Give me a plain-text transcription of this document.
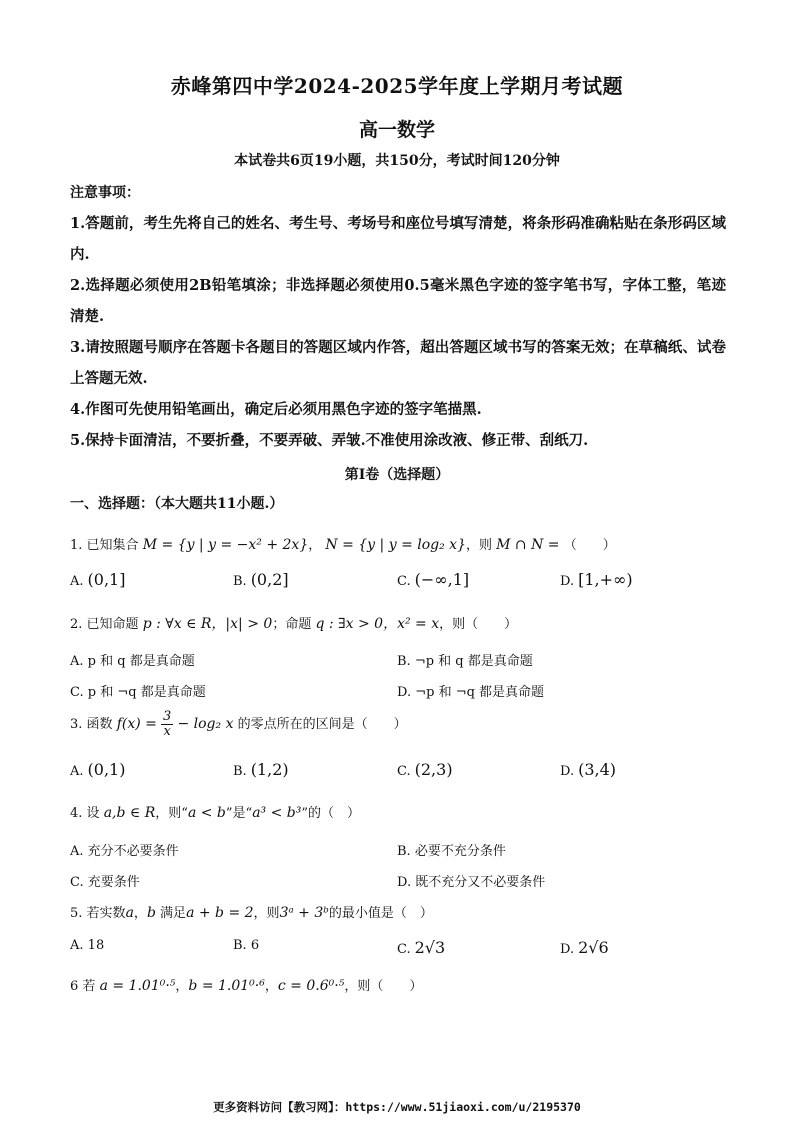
赤峰第四中学2024-2025学年度上学期月考试题
高一数学
本试卷共6页19小题，共150分，考试时间120分钟
注意事项：
1.答题前，考生先将自己的姓名、考生号、考场号和座位号填写清楚，将条形码准确粘贴在条形码区域内.
2.选择题必须使用2B铅笔填涂；非选择题必须使用0.5毫米黑色字迹的签字笔书写，字体工整，笔迹清楚.
3.请按照题号顺序在答题卡各题目的答题区域内作答，超出答题区域书写的答案无效；在草稿纸、试卷上答题无效.
4.作图可先使用铅笔画出，确定后必须用黑色字迹的签字笔描黑.
5.保持卡面清洁，不要折叠，不要弄破、弄皱.不准使用涂改液、修正带、刮纸刀.
第Ⅰ卷（选择题）
一、选择题：（本大题共11小题.）
1. 已知集合 M = {y | y = −x² + 2x}， N = {y | y = log₂ x}，则 M ∩ N = （　　）
A. (0,1]	B. (0,2]	C. (−∞,1]	D. [1,+∞)
2. 已知命题 p : ∀x ∈ R，|x| > 0；命题 q : ∃x > 0，x² = x，则（　　）
A. p 和 q 都是真命题	B. ¬p 和 q 都是真命题
C. p 和 ¬q 都是真命题	D. ¬p 和 ¬q 都是真命题
3. 函数 $f(x) = \frac{3}{x} - \log_2$ x 的零点所在的区间是（　　）
A. (0,1)	B. (1,2)	C. (2,3)	D. (3,4)
4. 设 a,b ∈ R，则“a < b”是“a³ < b³”的（　）
A. 充分不必要条件	B. 必要不充分条件
C. 充要条件	D. 既不充分又不必要条件
5. 若实数a，b 满足a + b = 2，则3ᵃ + 3ᵇ的最小值是（　）
A. 18	B. 6	C. 2√3	D. 2√6
6 若 a = 1.01⁰·⁵，b = 1.01⁰·⁶，c = 0.6⁰·⁵，则（　　）
更多资料访问【教习网】：https://www.51jiaoxi.com/u/2195370
